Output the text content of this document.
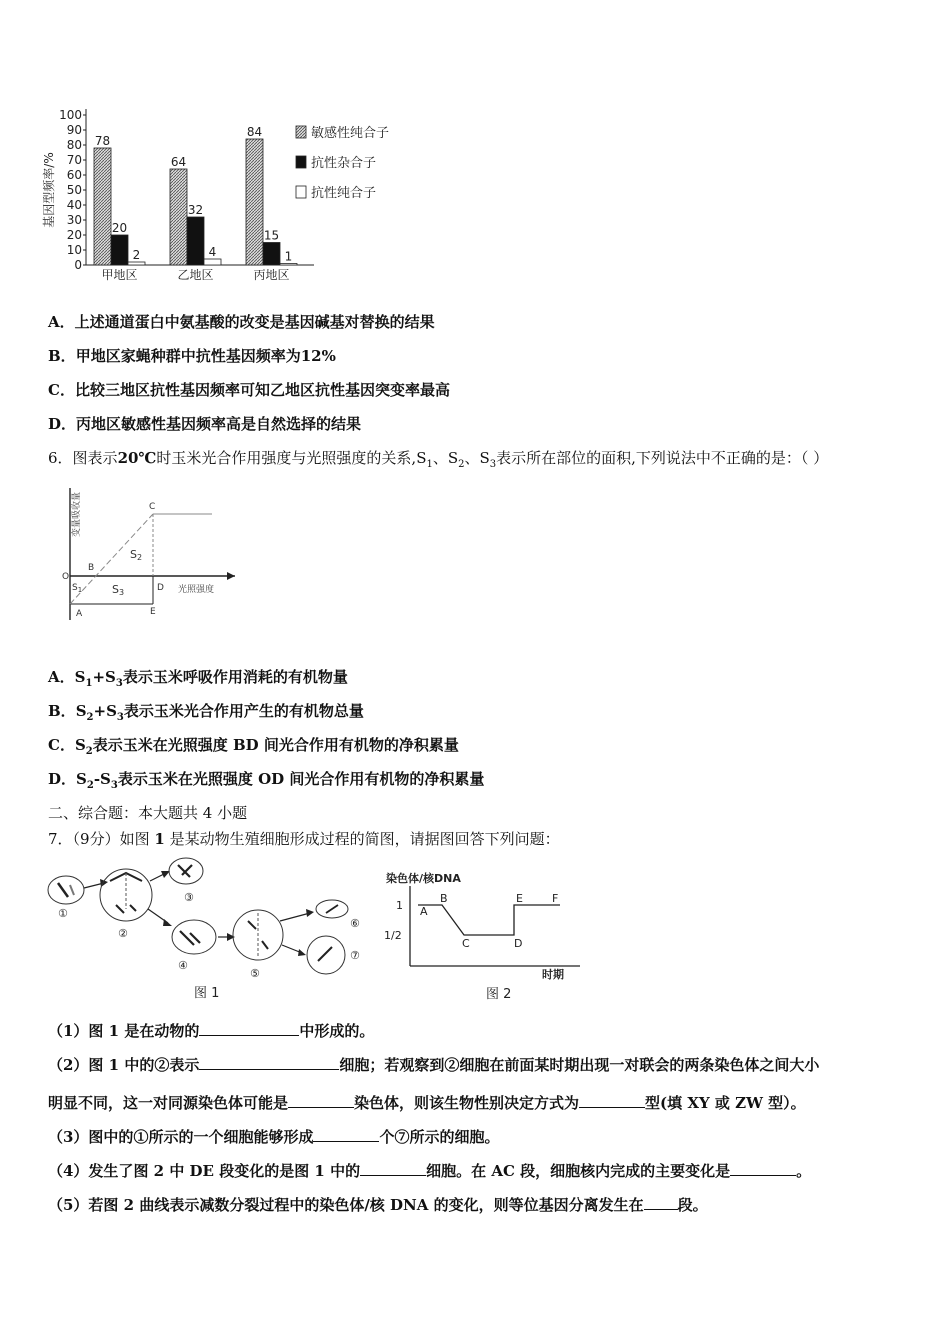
基因型频率/%
0
10
20
30
40
50
60
70
80
90
100
78
20
2
甲地区
64
32
4
乙地区
84
15
1
丙地区
敏感性纯合子
抗性杂合子
抗性纯合子
A．上述通道蛋白中氨基酸的改变是基因碱基对替换的结果
B．甲地区家蝇种群中抗性基因频率为12%
C．比较三地区抗性基因频率可知乙地区抗性基因突变率最高
D．丙地区敏感性基因频率高是自然选择的结果
6．图表示20℃时玉米光合作用强度与光照强度的关系$,S_1$、$S_2$、$S_3$表示所在部位的面积,下列说法中不正确的是：（ ）
变量吸收量
光照强度
O
A
B
C
D
E
$S_1$
S2
S3
A．$S_1+S_3$表示玉米呼吸作用消耗的有机物量
B．$S_2+S_3$表示玉米光合作用产生的有机物总量
C．$S_2$表示玉米在光照强度 BD 间光合作用有机物的净积累量
D．$S_2-S_3$表示玉米在光照强度 OD 间光合作用有机物的净积累量
二、综合题：本大题共 4 小题
7．（9分）如图 1 是某动物生殖细胞形成过程的简图，请据图回答下列问题：
①
②
③
④
⑤
⑥
⑦
图 1
染色体/核DNA
时期
1
1/2
A
B
C	D
E	F
图 2
（1）图 1 是在动物的	中形成的。
（2）图 1 中的②表示	细胞；若观察到②细胞在前面某时期出现一对联会的两条染色体之间大小
明显不同，这一对同源染色体可能是	染色体，则该生物性别决定方式为	型(填 XY 或 ZW 型）。
（3）图中的①所示的一个细胞能够形成	个⑦所示的细胞。
（4）发生了图 2 中 DE 段变化的是图 1 中的	细胞。在 AC 段，细胞核内完成的主要变化是	。
（5）若图 2 曲线表示减数分裂过程中的染色体/核 DNA 的变化，则等位基因分离发生在 段。
